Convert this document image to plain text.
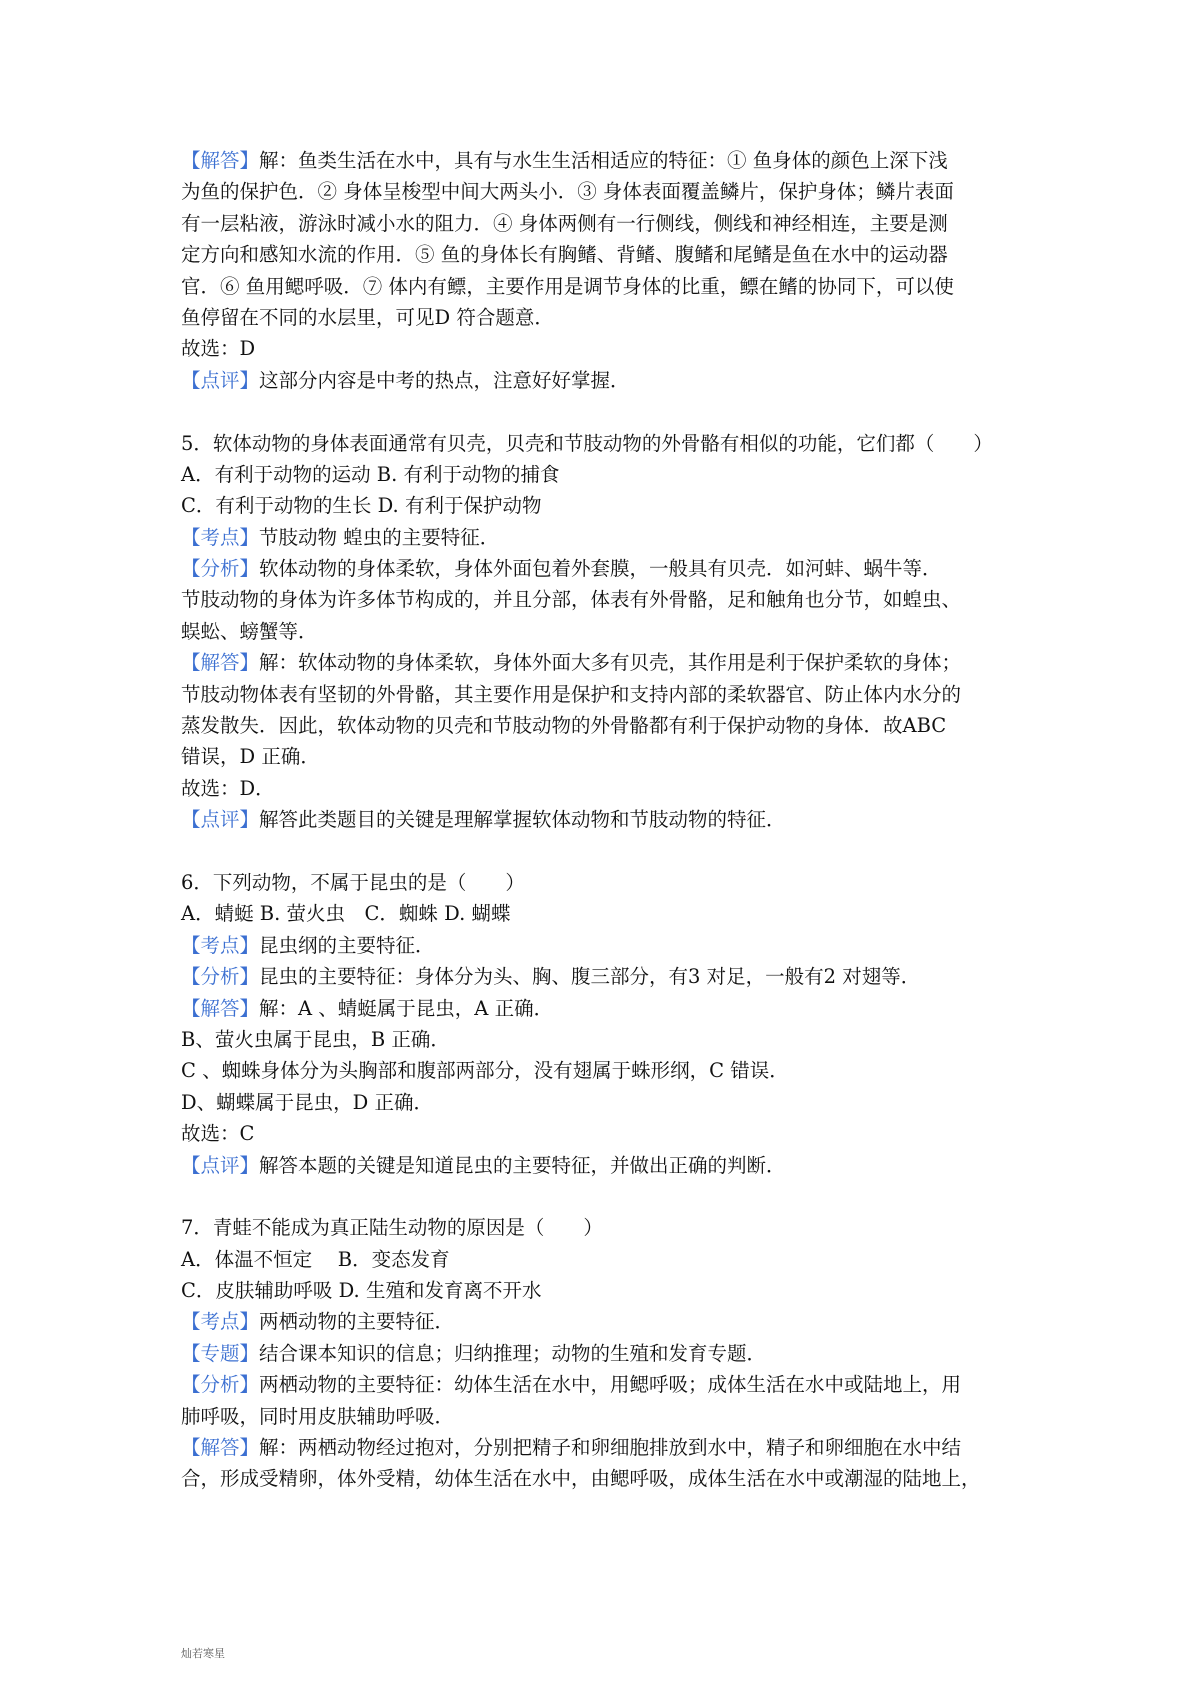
【解答】解：鱼类生活在水中，具有与水生生活相适应的特征：① 鱼身体的颜色上深下浅
为鱼的保护色．② 身体呈梭型中间大两头小．③ 身体表面覆盖鳞片，保护身体；鳞片表面
有一层粘液，游泳时减小水的阻力．④ 身体两侧有一行侧线，侧线和神经相连，主要是测
定方向和感知水流的作用．⑤ 鱼的身体长有胸鳍、背鳍、腹鳍和尾鳍是鱼在水中的运动器
官．⑥ 鱼用鳃呼吸．⑦ 体内有鳔，主要作用是调节身体的比重，鳔在鳍的协同下，可以使
鱼停留在不同的水层里，可见D 符合题意．
故选：D
【点评】这部分内容是中考的热点，注意好好掌握．
5．软体动物的身体表面通常有贝壳，贝壳和节肢动物的外骨骼有相似的功能，它们都（　　）
A．有利于动物的运动 B. 有利于动物的捕食
C．有利于动物的生长 D. 有利于保护动物
【考点】节肢动物 蝗虫的主要特征．
【分析】软体动物的身体柔软，身体外面包着外套膜，一般具有贝壳．如河蚌、蜗牛等．
节肢动物的身体为许多体节构成的，并且分部，体表有外骨骼，足和触角也分节，如蝗虫、
蜈蚣、螃蟹等．
【解答】解：软体动物的身体柔软，身体外面大多有贝壳，其作用是利于保护柔软的身体；
节肢动物体表有坚韧的外骨骼，其主要作用是保护和支持内部的柔软器官、防止体内水分的
蒸发散失．因此，软体动物的贝壳和节肢动物的外骨骼都有利于保护动物的身体．故ABC
错误，D 正确．
故选：D．
【点评】解答此类题目的关键是理解掌握软体动物和节肢动物的特征．
6．下列动物，不属于昆虫的是（　　）
A．蜻蜓 B. 萤火虫　C．蜘蛛 D. 蝴蝶
【考点】昆虫纲的主要特征．
【分析】昆虫的主要特征：身体分为头、胸、腹三部分，有3 对足，一般有2 对翅等．
【解答】解：A 、蜻蜓属于昆虫，A 正确．
B、萤火虫属于昆虫，B 正确．
C 、蜘蛛身体分为头胸部和腹部两部分，没有翅属于蛛形纲，C 错误．
D、蝴蝶属于昆虫，D 正确．
故选：C
【点评】解答本题的关键是知道昆虫的主要特征，并做出正确的判断．
7．青蛙不能成为真正陆生动物的原因是（　　）
A．体温不恒定　 B．变态发育
C．皮肤辅助呼吸 D. 生殖和发育离不开水
【考点】两栖动物的主要特征．
【专题】结合课本知识的信息；归纳推理；动物的生殖和发育专题．
【分析】两栖动物的主要特征：幼体生活在水中，用鳃呼吸；成体生活在水中或陆地上，用
肺呼吸，同时用皮肤辅助呼吸．
【解答】解：两栖动物经过抱对，分别把精子和卵细胞排放到水中，精子和卵细胞在水中结
合，形成受精卵，体外受精，幼体生活在水中，由鳃呼吸，成体生活在水中或潮湿的陆地上，
灿若寒星
